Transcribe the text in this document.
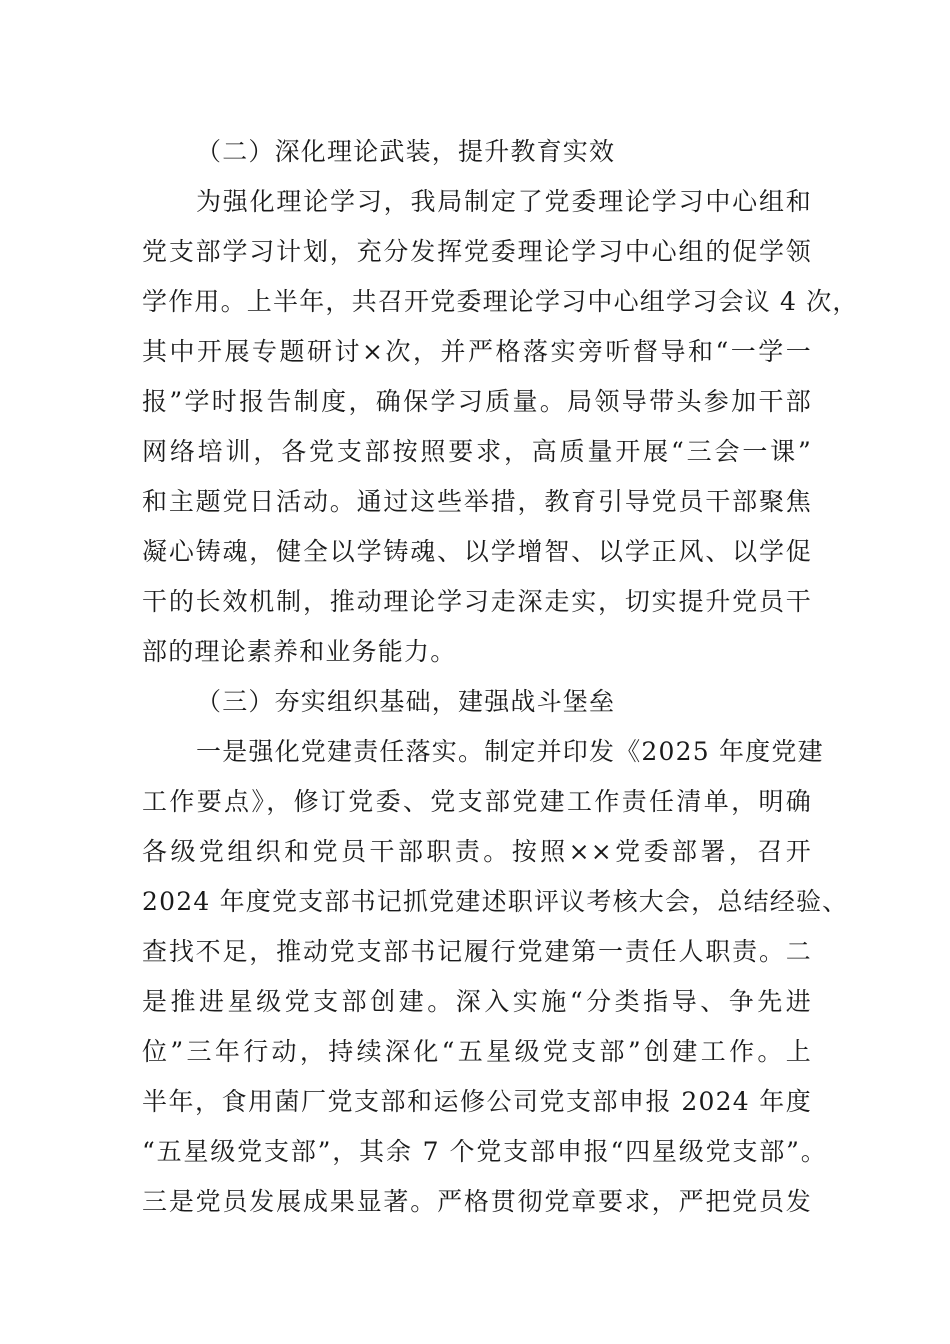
（二）深化理论武装，提升教育实效
为强化理论学习，我局制定了党委理论学习中心组和
党支部学习计划，充分发挥党委理论学习中心组的促学领
学作用。上半年，共召开党委理论学习中心组学习会议 4 次，
其中开展专题研讨×次，并严格落实旁听督导和“一学一
报”学时报告制度，确保学习质量。局领导带头参加干部
网络培训，各党支部按照要求，高质量开展“三会一课”
和主题党日活动。通过这些举措，教育引导党员干部聚焦
凝心铸魂，健全以学铸魂、以学增智、以学正风、以学促
干的长效机制，推动理论学习走深走实，切实提升党员干
部的理论素养和业务能力。
（三）夯实组织基础，建强战斗堡垒
一是强化党建责任落实。制定并印发《2025 年度党建
工作要点》，修订党委、党支部党建工作责任清单，明确
各级党组织和党员干部职责。按照××党委部署，召开
2024 年度党支部书记抓党建述职评议考核大会，总结经验、
查找不足，推动党支部书记履行党建第一责任人职责。二
是推进星级党支部创建。深入实施“分类指导、争先进
位”三年行动，持续深化“五星级党支部”创建工作。上
半年，食用菌厂党支部和运修公司党支部申报 2024 年度
“五星级党支部”，其余 7 个党支部申报“四星级党支部”。
三是党员发展成果显著。严格贯彻党章要求，严把党员发
